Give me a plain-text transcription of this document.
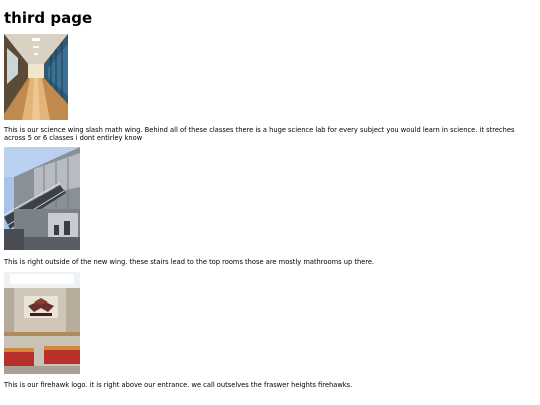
third page

This is our science wing slash math wing. Behind all of these classes there is a huge science lab for every subject you would learn in science. it streches across 5 or 6 classes i dont entirley know

This is right outside of the new wing. these stairs lead to the top rooms those are mostly mathrooms up there.

This is our firehawk logo. it is right above our entrance. we call outselves the fraswer heights firehawks.
